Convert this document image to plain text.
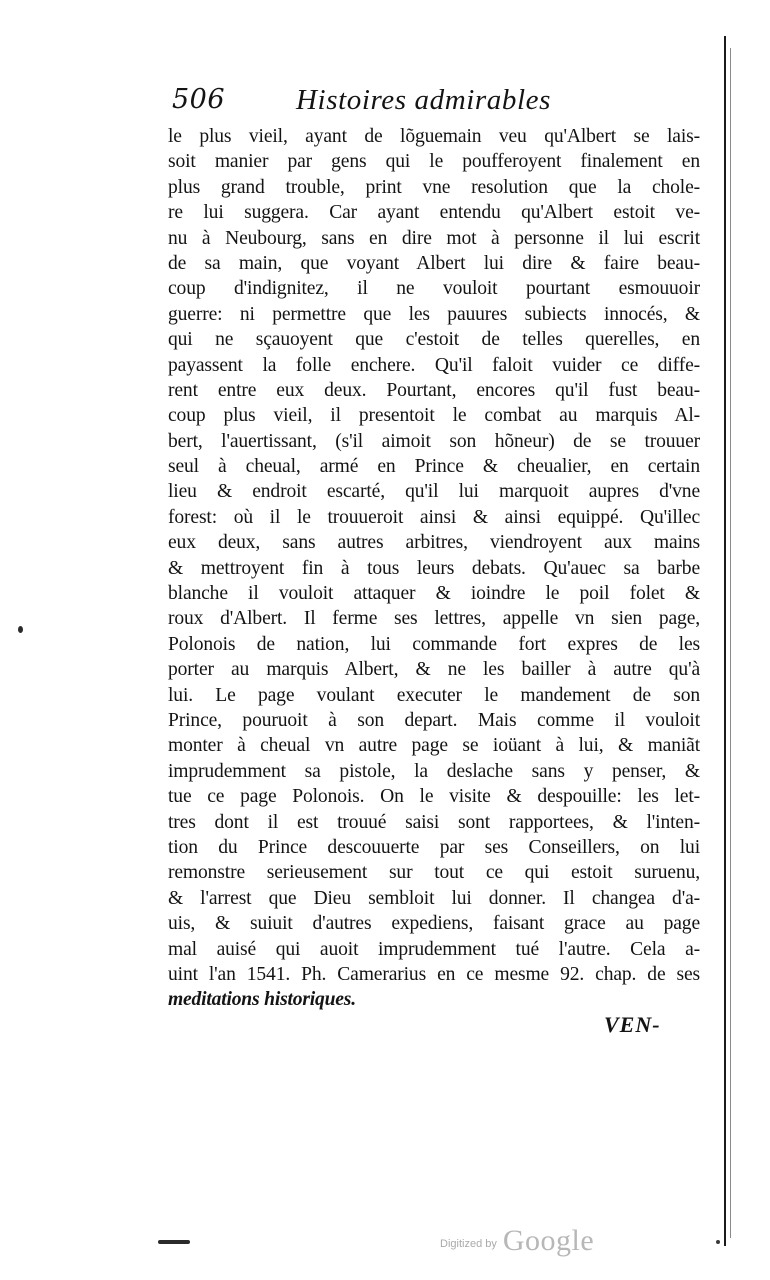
506 Histoires admirables
le plus vieil, ayant de lõguemain veu qu'Albert se lais-
soit manier par gens qui le poufferoyent finalement en
plus grand trouble, print vne resolution que la chole-
re lui suggera. Car ayant entendu qu'Albert estoit ve-
nu à Neubourg, sans en dire mot à personne il lui escrit
de sa main, que voyant Albert lui dire & faire beau-
coup d'indignitez, il ne vouloit pourtant esmouuoir
guerre: ni permettre que les pauures subiects innocés, &
qui ne sçauoyent que c'estoit de telles querelles, en
payassent la folle enchere. Qu'il faloit vuider ce diffe-
rent entre eux deux. Pourtant, encores qu'il fust beau-
coup plus vieil, il presentoit le combat au marquis Al-
bert, l'auertissant, (s'il aimoit son hõneur) de se trouuer
seul à cheual, armé en Prince & cheualier, en certain
lieu & endroit escarté, qu'il lui marquoit aupres d'vne
forest: où il le trouueroit ainsi & ainsi equippé. Qu'illec
eux deux, sans autres arbitres, viendroyent aux mains
& mettroyent fin à tous leurs debats. Qu'auec sa barbe
blanche il vouloit attaquer & ioindre le poil folet &
roux d'Albert. Il ferme ses lettres, appelle vn sien page,
Polonois de nation, lui commande fort expres de les
porter au marquis Albert, & ne les bailler à autre qu'à
lui. Le page voulant executer le mandement de son
Prince, pouruoit à son depart. Mais comme il vouloit
monter à cheual vn autre page se ioüant à lui, & maniãt
imprudemment sa pistole, la deslache sans y penser, &
tue ce page Polonois. On le visite & despouille: les let-
tres dont il est trouué saisi sont rapportees, & l'inten-
tion du Prince descouuerte par ses Conseillers, on lui
remonstre serieusement sur tout ce qui estoit suruenu,
& l'arrest que Dieu sembloit lui donner. Il changea d'a-
uis, & suiuit d'autres expediens, faisant grace au page
mal auisé qui auoit imprudemment tué l'autre. Cela a-
uint l'an 1541. Ph. Camerarius en ce mesme 92. chap. de ses
meditations historiques.
VEN-
Digitized by Google
